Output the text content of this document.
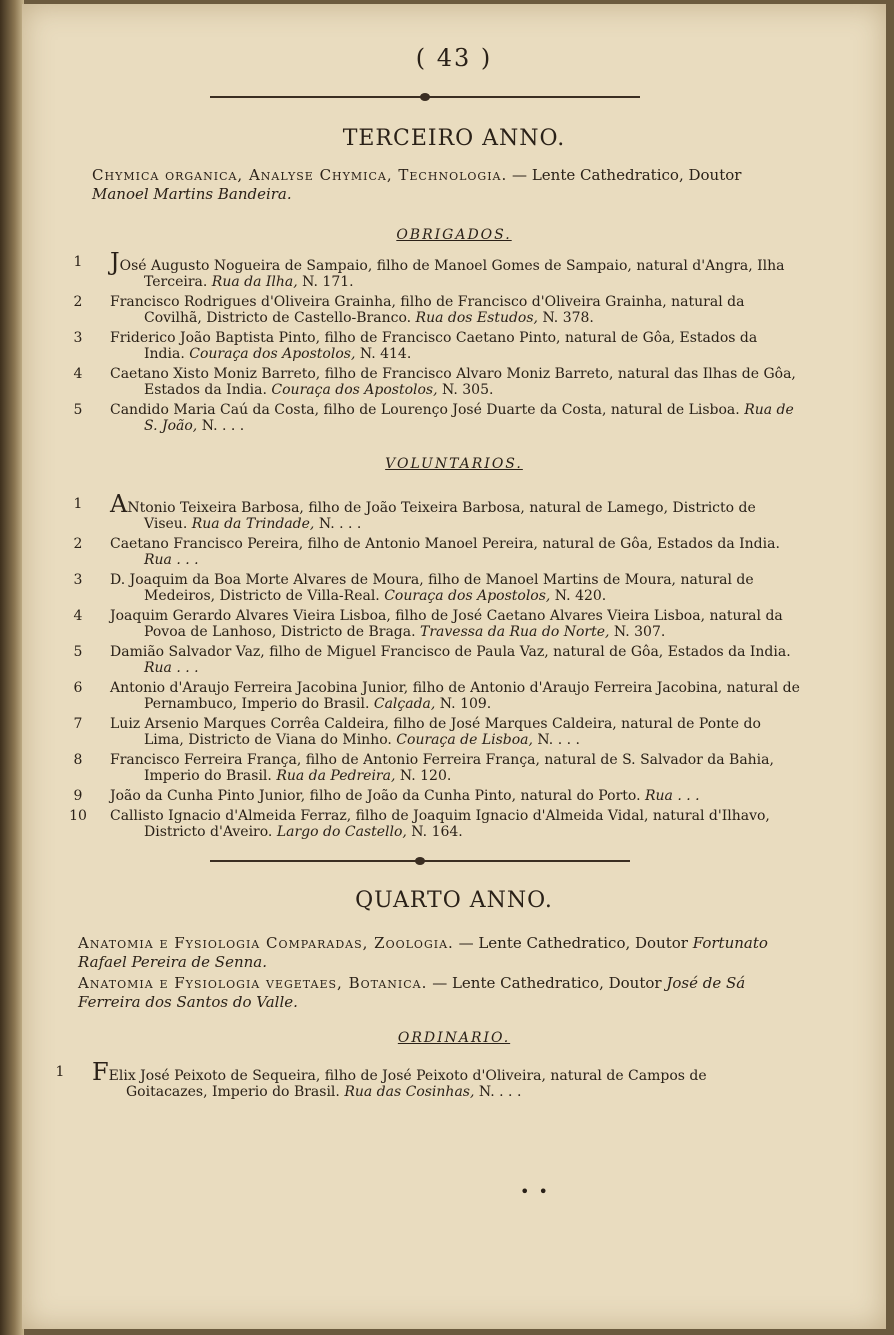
( 43 )
TERCEIRO ANNO.
Chymica organica, Analyse Chymica, Technologia. — Lente Cathedratico, Doutor Manoel Martins Bandeira.
OBRIGADOS.
1 JOsé Augusto Nogueira de Sampaio, filho de Manoel Gomes de Sampaio, natural d'Angra, Ilha Terceira. Rua da Ilha, N. 171.
2	Francisco Rodrigues d'Oliveira Grainha, filho de Francisco d'Oliveira Grainha, natural da Covilhã, Districto de Castello-Branco. Rua dos Estudos, N. 378.
3	Friderico João Baptista Pinto, filho de Francisco Caetano Pinto, natural de Gôa, Estados da India. Couraça dos Apostolos, N. 414.
4	Caetano Xisto Moniz Barreto, filho de Francisco Alvaro Moniz Barreto, natural das Ilhas de Gôa, Estados da India. Couraça dos Apostolos, N. 305.
5	Candido Maria Caú da Costa, filho de Lourenço José Duarte da Costa, natural de Lisboa. Rua de S. João, N. . . .
VOLUNTARIOS.
1 ANtonio Teixeira Barbosa, filho de João Teixeira Barbosa, natural de Lamego, Districto de Viseu. Rua da Trindade, N. . . .
2	Caetano Francisco Pereira, filho de Antonio Manoel Pereira, natural de Gôa, Estados da India. Rua . . .
3	D. Joaquim da Boa Morte Alvares de Moura, filho de Manoel Martins de Moura, natural de Medeiros, Districto de Villa-Real. Couraça dos Apostolos, N. 420.
4	Joaquim Gerardo Alvares Vieira Lisboa, filho de José Caetano Alvares Vieira Lisboa, natural da Povoa de Lanhoso, Districto de Braga. Travessa da Rua do Norte, N. 307.
5	Damião Salvador Vaz, filho de Miguel Francisco de Paula Vaz, natural de Gôa, Estados da India. Rua . . .
6	Antonio d'Araujo Ferreira Jacobina Junior, filho de Antonio d'Araujo Ferreira Jacobina, natural de Pernambuco, Imperio do Brasil. Calçada, N. 109.
7	Luiz Arsenio Marques Corrêa Caldeira, filho de José Marques Caldeira, natural de Ponte do Lima, Districto de Viana do Minho. Couraça de Lisboa, N. . . .
8	Francisco Ferreira França, filho de Antonio Ferreira França, natural de S. Salvador da Bahia, Imperio do Brasil. Rua da Pedreira, N. 120.
9	João da Cunha Pinto Junior, filho de João da Cunha Pinto, natural do Porto. Rua . . .
10 Callisto Ignacio d'Almeida Ferraz, filho de Joaquim Ignacio d'Almeida Vidal, natural d'Ilhavo, Districto d'Aveiro. Largo do Castello, N. 164.
QUARTO ANNO.
Anatomia e Fysiologia Comparadas, Zoologia. — Lente Cathedratico, Doutor Fortunato Rafael Pereira de Senna.
Anatomia e Fysiologia vegetaes, Botanica. — Lente Cathedratico, Doutor José de Sá Ferreira dos Santos do Valle.
ORDINARIO.
1 FElix José Peixoto de Sequeira, filho de José Peixoto d'Oliveira, natural de Campos de Goitacazes, Imperio do Brasil. Rua das Cosinhas, N. . . .
• •
